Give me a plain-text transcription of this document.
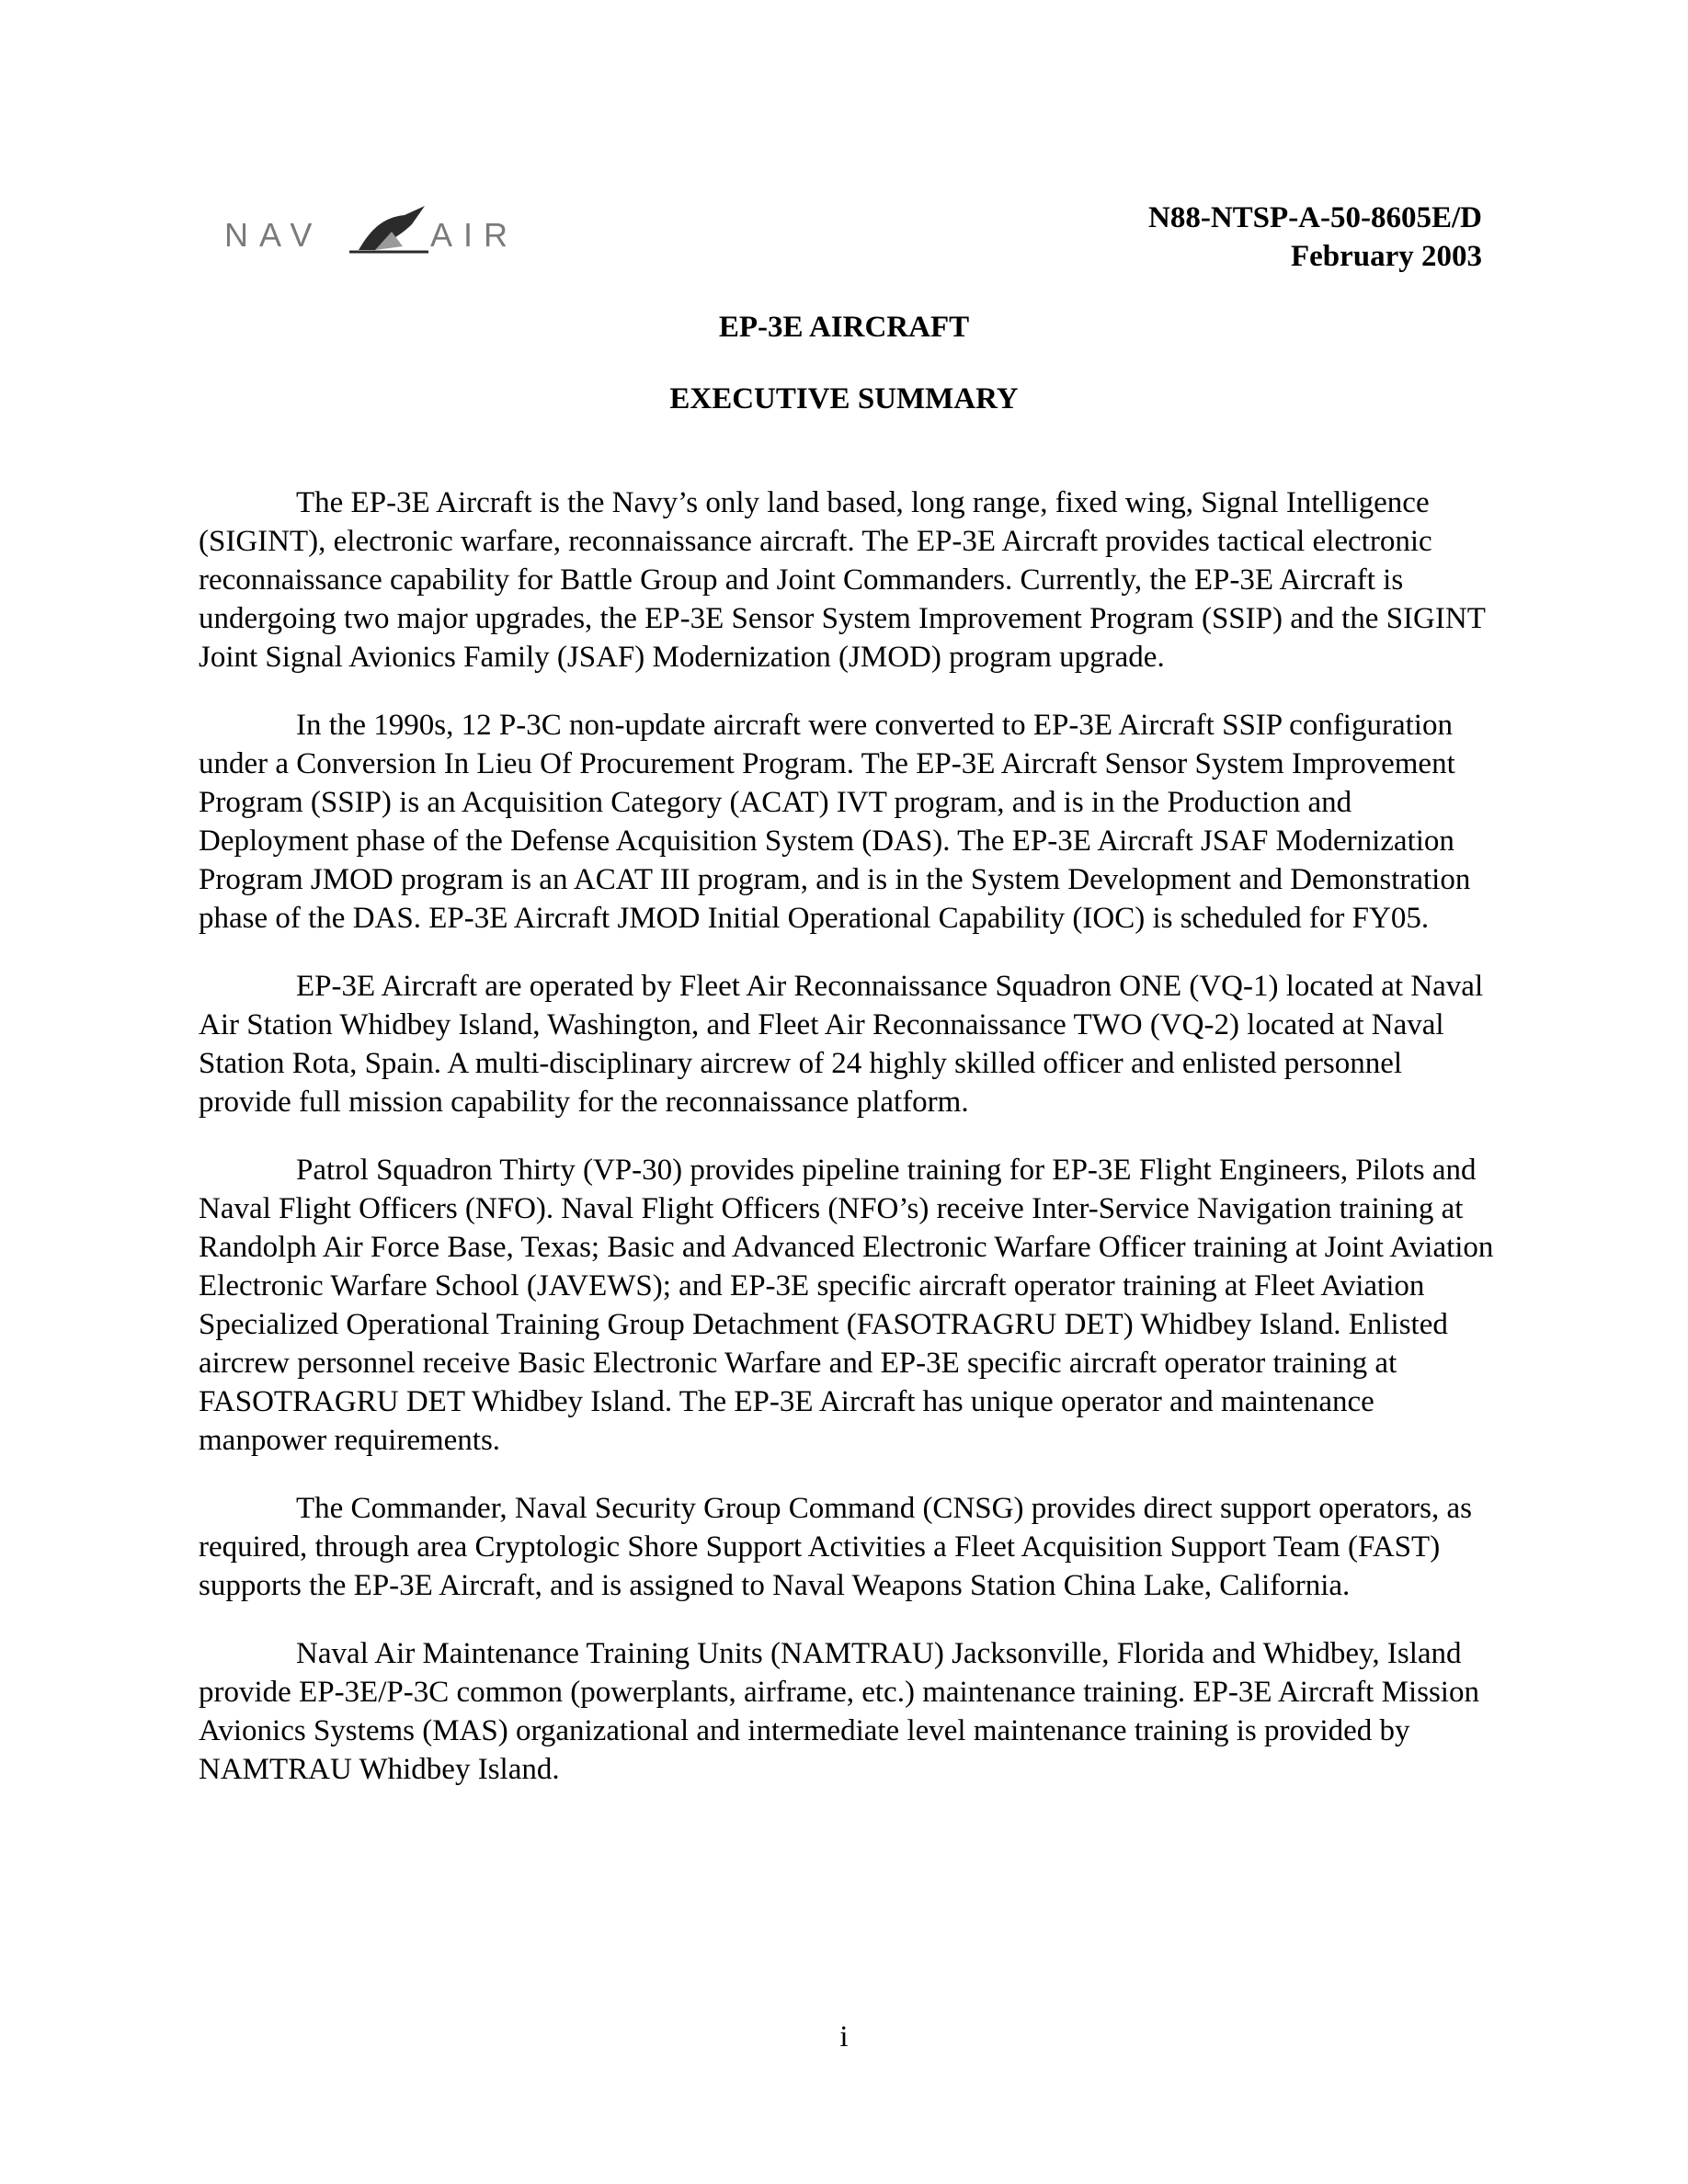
NAV	AIR	N88-NTSP-A-50-8605E/D
February 2003
EP-3E AIRCRAFT
EXECUTIVE SUMMARY

The EP-3E Aircraft is the Navy’s only land based, long range, fixed wing, Signal Intelligence (SIGINT), electronic warfare, reconnaissance aircraft. The EP-3E Aircraft provides tactical electronic reconnaissance capability for Battle Group and Joint Commanders. Currently, the EP-3E Aircraft is undergoing two major upgrades, the EP-3E Sensor System Improvement Program (SSIP) and the SIGINT Joint Signal Avionics Family (JSAF) Modernization (JMOD) program upgrade.

In the 1990s, 12 P-3C non-update aircraft were converted to EP-3E Aircraft SSIP configuration under a Conversion In Lieu Of Procurement Program. The EP-3E Aircraft Sensor System Improvement Program (SSIP) is an Acquisition Category (ACAT) IVT program, and is in the Production and Deployment phase of the Defense Acquisition System (DAS). The EP-3E Aircraft JSAF Modernization Program JMOD program is an ACAT III program, and is in the System Development and Demonstration phase of the DAS. EP-3E Aircraft JMOD Initial Operational Capability (IOC) is scheduled for FY05.

EP-3E Aircraft are operated by Fleet Air Reconnaissance Squadron ONE (VQ-1) located at Naval Air Station Whidbey Island, Washington, and Fleet Air Reconnaissance TWO (VQ-2) located at Naval Station Rota, Spain. A multi-disciplinary aircrew of 24 highly skilled officer and enlisted personnel provide full mission capability for the reconnaissance platform.

Patrol Squadron Thirty (VP-30) provides pipeline training for EP-3E Flight Engineers, Pilots and Naval Flight Officers (NFO). Naval Flight Officers (NFO’s) receive Inter-Service Navigation training at Randolph Air Force Base, Texas; Basic and Advanced Electronic Warfare Officer training at Joint Aviation Electronic Warfare School (JAVEWS); and EP-3E specific aircraft operator training at Fleet Aviation Specialized Operational Training Group Detachment (FASOTRAGRU DET) Whidbey Island. Enlisted aircrew personnel receive Basic Electronic Warfare and EP-3E specific aircraft operator training at FASOTRAGRU DET Whidbey Island. The EP-3E Aircraft has unique operator and maintenance manpower requirements.

The Commander, Naval Security Group Command (CNSG) provides direct support operators, as required, through area Cryptologic Shore Support Activities a Fleet Acquisition Support Team (FAST) supports the EP-3E Aircraft, and is assigned to Naval Weapons Station China Lake, California.

Naval Air Maintenance Training Units (NAMTRAU) Jacksonville, Florida and Whidbey, Island provide EP-3E/P-3C common (powerplants, airframe, etc.) maintenance training. EP-3E Aircraft Mission Avionics Systems (MAS) organizational and intermediate level maintenance training is provided by NAMTRAU Whidbey Island.

i
